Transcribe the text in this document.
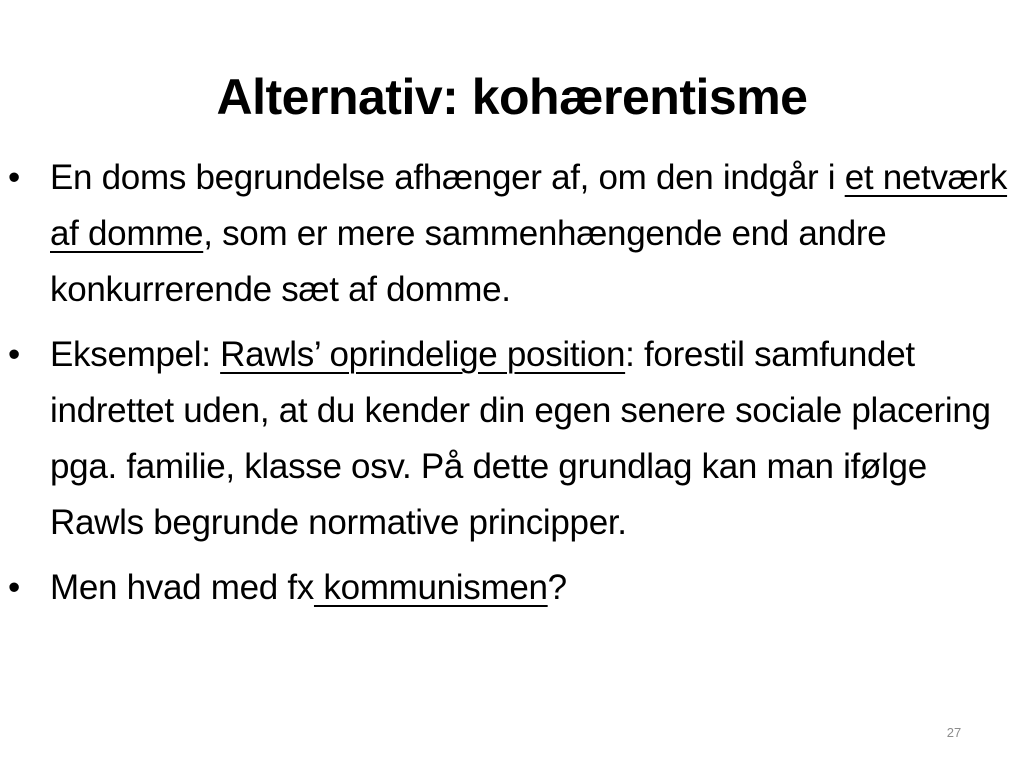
Alternativ: kohærentisme
• En doms begrundelse afhænger af, om den indgår i et netværk af domme, som er mere sammenhængende end andre konkurrerende sæt af domme.
• Eksempel: Rawls’ oprindelige position: forestil samfundet indrettet uden, at du kender din egen senere sociale placering pga. familie, klasse osv. På dette grundlag kan man ifølge Rawls begrunde normative principper.
• Men hvad med fx kommunismen?
27
